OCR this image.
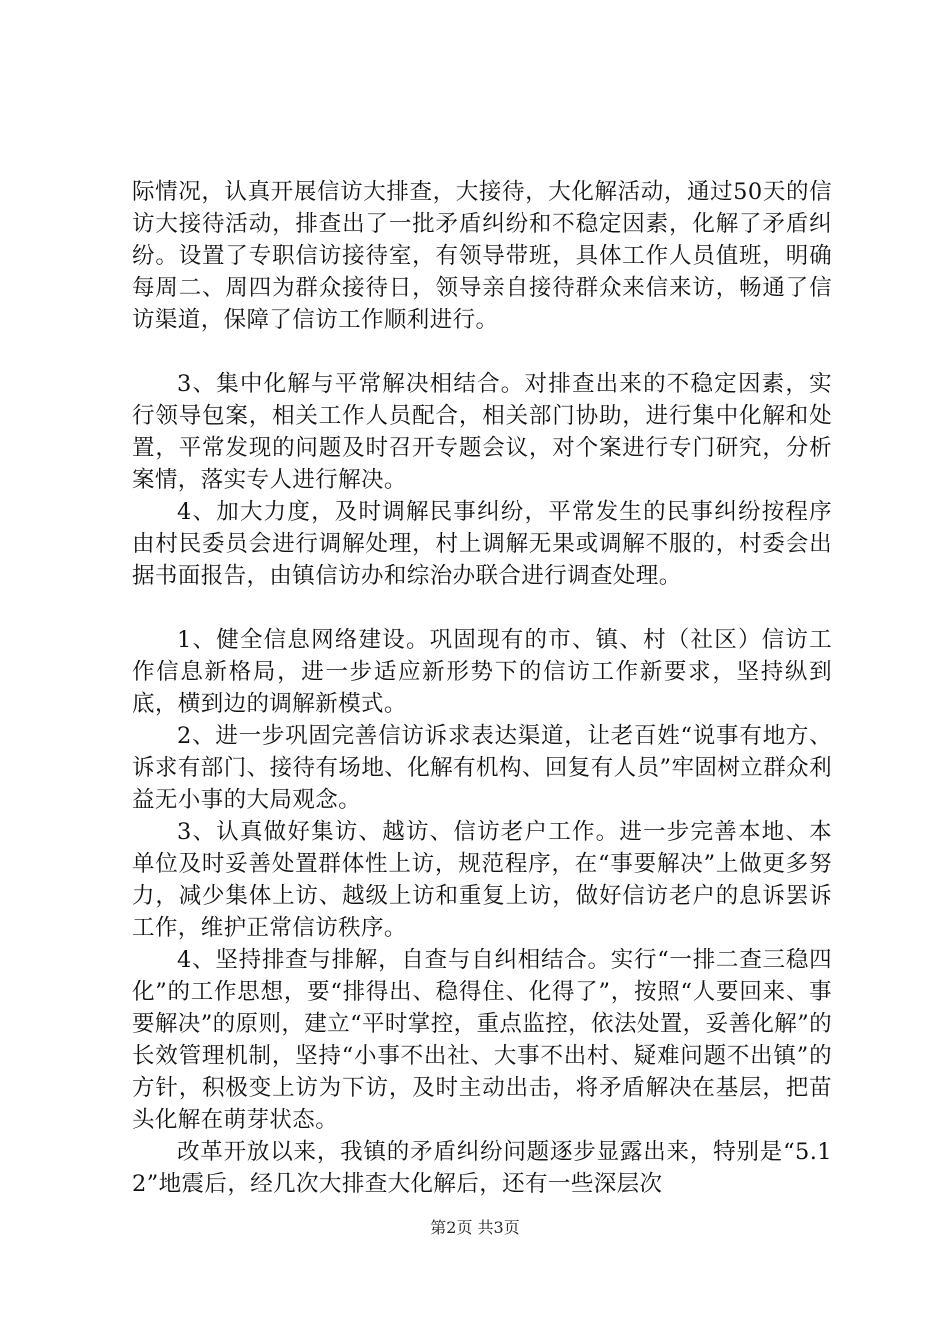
际情况，认真开展信访大排查，大接待，大化解活动，通过50天的信访大接待活动，排查出了一批矛盾纠纷和不稳定因素，化解了矛盾纠纷。设置了专职信访接待室，有领导带班，具体工作人员值班，明确每周二、周四为群众接待日，领导亲自接待群众来信来访，畅通了信访渠道，保障了信访工作顺利进行。

3、集中化解与平常解决相结合。对排查出来的不稳定因素，实行领导包案，相关工作人员配合，相关部门协助，进行集中化解和处置，平常发现的问题及时召开专题会议，对个案进行专门研究，分析案情，落实专人进行解决。

4、加大力度，及时调解民事纠纷，平常发生的民事纠纷按程序由村民委员会进行调解处理，村上调解无果或调解不服的，村委会出据书面报告，由镇信访办和综治办联合进行调查处理。

1、健全信息网络建设。巩固现有的市、镇、村（社区）信访工作信息新格局，进一步适应新形势下的信访工作新要求，坚持纵到底，横到边的调解新模式。

2、进一步巩固完善信访诉求表达渠道，让老百姓“说事有地方、诉求有部门、接待有场地、化解有机构、回复有人员”牢固树立群众利益无小事的大局观念。

3、认真做好集访、越访、信访老户工作。进一步完善本地、本单位及时妥善处置群体性上访，规范程序，在“事要解决”上做更多努力，减少集体上访、越级上访和重复上访，做好信访老户的息诉罢诉工作，维护正常信访秩序。

4、坚持排查与排解，自查与自纠相结合。实行“一排二查三稳四化”的工作思想，要“排得出、稳得住、化得了”，按照“人要回来、事要解决”的原则，建立“平时掌控，重点监控，依法处置，妥善化解”的长效管理机制，坚持“小事不出社、大事不出村、疑难问题不出镇”的方针，积极变上访为下访，及时主动出击，将矛盾解决在基层，把苗头化解在萌芽状态。

改革开放以来，我镇的矛盾纠纷问题逐步显露出来，特别是“5.12”地震后，经几次大排查大化解后，还有一些深层次

第2页 共3页
